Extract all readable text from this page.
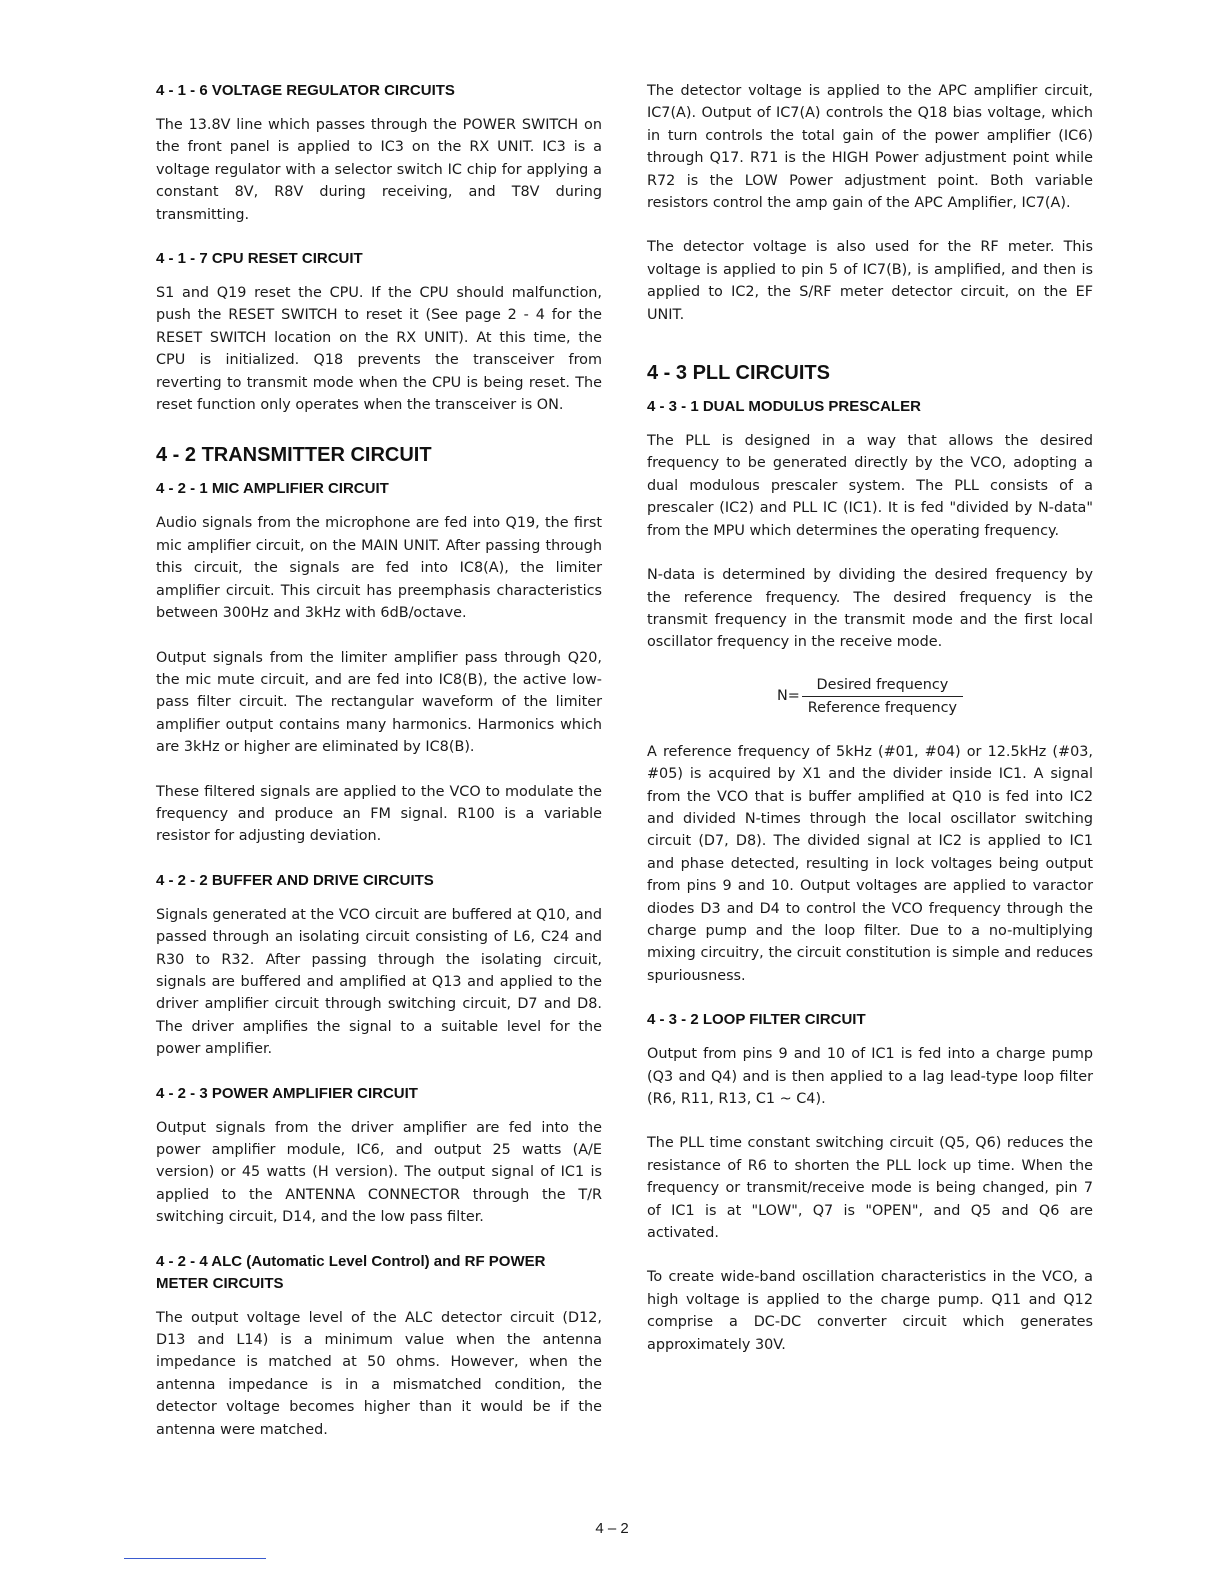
4 - 1 - 6 VOLTAGE REGULATOR CIRCUITS

The 13.8V line which passes through the POWER SWITCH on the front panel is applied to IC3 on the RX UNIT. IC3 is a voltage regulator with a selector switch IC chip for applying a constant 8V, R8V during receiving, and T8V during transmitting.

4 - 1 - 7 CPU RESET CIRCUIT

S1 and Q19 reset the CPU. If the CPU should malfunction, push the RESET SWITCH to reset it (See page 2 - 4 for the RESET SWITCH location on the RX UNIT). At this time, the CPU is initialized. Q18 prevents the transceiver from reverting to transmit mode when the CPU is being reset. The reset function only operates when the transceiver is ON.

4 - 2 TRANSMITTER CIRCUIT
4 - 2 - 1 MIC AMPLIFIER CIRCUIT

Audio signals from the microphone are fed into Q19, the first mic amplifier circuit, on the MAIN UNIT. After passing through this circuit, the signals are fed into IC8(A), the limiter amplifier circuit. This circuit has preemphasis characteristics between 300Hz and 3kHz with 6dB/octave.

Output signals from the limiter amplifier pass through Q20, the mic mute circuit, and are fed into IC8(B), the active low-pass filter circuit. The rectangular waveform of the limiter amplifier output contains many harmonics. Harmonics which are 3kHz or higher are eliminated by IC8(B).

These filtered signals are applied to the VCO to modulate the frequency and produce an FM signal. R100 is a variable resistor for adjusting deviation.

4 - 2 - 2 BUFFER AND DRIVE CIRCUITS

Signals generated at the VCO circuit are buffered at Q10, and passed through an isolating circuit consisting of L6, C24 and R30 to R32. After passing through the isolating circuit, signals are buffered and amplified at Q13 and applied to the driver amplifier circuit through switching circuit, D7 and D8. The driver amplifies the signal to a suitable level for the power amplifier.

4 - 2 - 3 POWER AMPLIFIER CIRCUIT

Output signals from the driver amplifier are fed into the power amplifier module, IC6, and output 25 watts (A/E version) or 45 watts (H version). The output signal of IC1 is applied to the ANTENNA CONNECTOR through the T/R switching circuit, D14, and the low pass filter.

4 - 2 - 4 ALC (Automatic Level Control) and RF POWER METER CIRCUITS

The output voltage level of the ALC detector circuit (D12, D13 and L14) is a minimum value when the antenna impedance is matched at 50 ohms. However, when the antenna impedance is in a mismatched condition, the detector voltage becomes higher than it would be if the antenna were matched.

The detector voltage is applied to the APC amplifier circuit, IC7(A). Output of IC7(A) controls the Q18 bias voltage, which in turn controls the total gain of the power amplifier (IC6) through Q17. R71 is the HIGH Power adjustment point while R72 is the LOW Power adjustment point. Both variable resistors control the amp gain of the APC Amplifier, IC7(A).

The detector voltage is also used for the RF meter. This voltage is applied to pin 5 of IC7(B), is amplified, and then is applied to IC2, the S/RF meter detector circuit, on the EF UNIT.

4 - 3 PLL CIRCUITS
4 - 3 - 1 DUAL MODULUS PRESCALER

The PLL is designed in a way that allows the desired frequency to be generated directly by the VCO, adopting a dual modulous prescaler system. The PLL consists of a prescaler (IC2) and PLL IC (IC1). It is fed "divided by N-data" from the MPU which determines the operating frequency.

N-data is determined by dividing the desired frequency by the reference frequency. The desired frequency is the transmit frequency in the transmit mode and the first local oscillator frequency in the receive mode.

$N= \frac{\text{Desired frequency}}{\text{Reference frequency}}$

A reference frequency of 5kHz (#01, #04) or 12.5kHz (#03, #05) is acquired by X1 and the divider inside IC1. A signal from the VCO that is buffer amplified at Q10 is fed into IC2 and divided N-times through the local oscillator switching circuit (D7, D8). The divided signal at IC2 is applied to IC1 and phase detected, resulting in lock voltages being output from pins 9 and 10. Output voltages are applied to varactor diodes D3 and D4 to control the VCO frequency through the charge pump and the loop filter. Due to a no-multiplying mixing circuitry, the circuit constitution is simple and reduces spuriousness.

4 - 3 - 2 LOOP FILTER CIRCUIT

Output from pins 9 and 10 of IC1 is fed into a charge pump (Q3 and Q4) and is then applied to a lag lead-type loop filter (R6, R11, R13, C1 ~ C4).

The PLL time constant switching circuit (Q5, Q6) reduces the resistance of R6 to shorten the PLL lock up time. When the frequency or transmit/receive mode is being changed, pin 7 of IC1 is at "LOW", Q7 is "OPEN", and Q5 and Q6 are activated.

To create wide-band oscillation characteristics in the VCO, a high voltage is applied to the charge pump. Q11 and Q12 comprise a DC-DC converter circuit which generates approximately 30V.

4 – 2
